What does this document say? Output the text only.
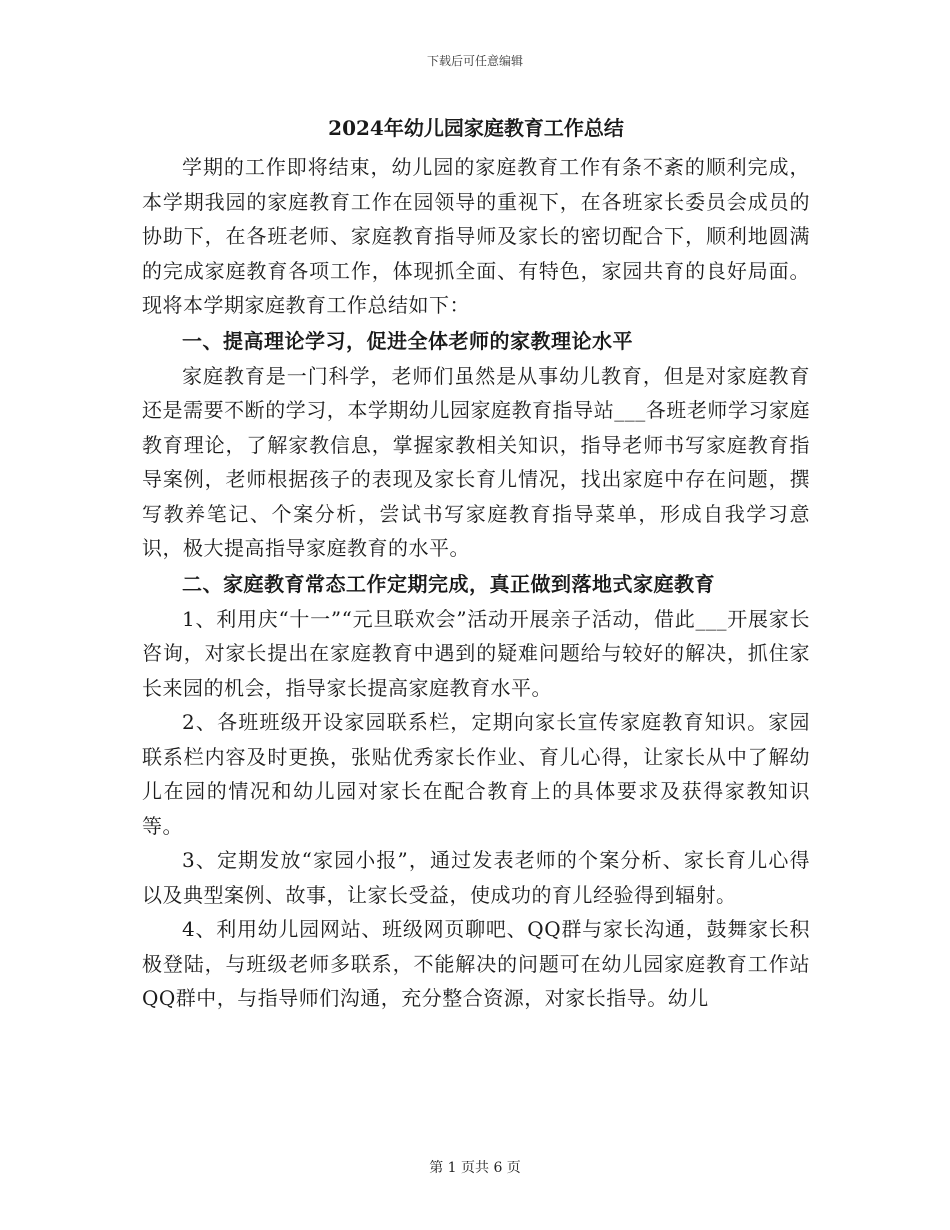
下载后可任意编辑
2024年幼儿园家庭教育工作总结

学期的工作即将结束，幼儿园的家庭教育工作有条不紊的顺利完成，本学期我园的家庭教育工作在园领导的重视下，在各班家长委员会成员的协助下，在各班老师、家庭教育指导师及家长的密切配合下，顺利地圆满的完成家庭教育各项工作，体现抓全面、有特色，家园共育的良好局面。现将本学期家庭教育工作总结如下：

一、提高理论学习，促进全体老师的家教理论水平

家庭教育是一门科学，老师们虽然是从事幼儿教育，但是对家庭教育还是需要不断的学习，本学期幼儿园家庭教育指导站___各班老师学习家庭教育理论，了解家教信息，掌握家教相关知识，指导老师书写家庭教育指导案例，老师根据孩子的表现及家长育儿情况，找出家庭中存在问题，撰写教养笔记、个案分析，尝试书写家庭教育指导菜单，形成自我学习意识，极大提高指导家庭教育的水平。

二、家庭教育常态工作定期完成，真正做到落地式家庭教育

1、利用庆“十一”“元旦联欢会”活动开展亲子活动，借此___开展家长咨询，对家长提出在家庭教育中遇到的疑难问题给与较好的解决，抓住家长来园的机会，指导家长提高家庭教育水平。

2、各班班级开设家园联系栏，定期向家长宣传家庭教育知识。家园联系栏内容及时更换，张贴优秀家长作业、育儿心得，让家长从中了解幼儿在园的情况和幼儿园对家长在配合教育上的具体要求及获得家教知识等。

3、定期发放“家园小报”，通过发表老师的个案分析、家长育儿心得以及典型案例、故事，让家长受益，使成功的育儿经验得到辐射。

4、利用幼儿园网站、班级网页聊吧、QQ群与家长沟通，鼓舞家长积极登陆，与班级老师多联系，不能解决的问题可在幼儿园家庭教育工作站QQ群中，与指导师们沟通，充分整合资源，对家长指导。幼儿

第 1 页共 6 页
